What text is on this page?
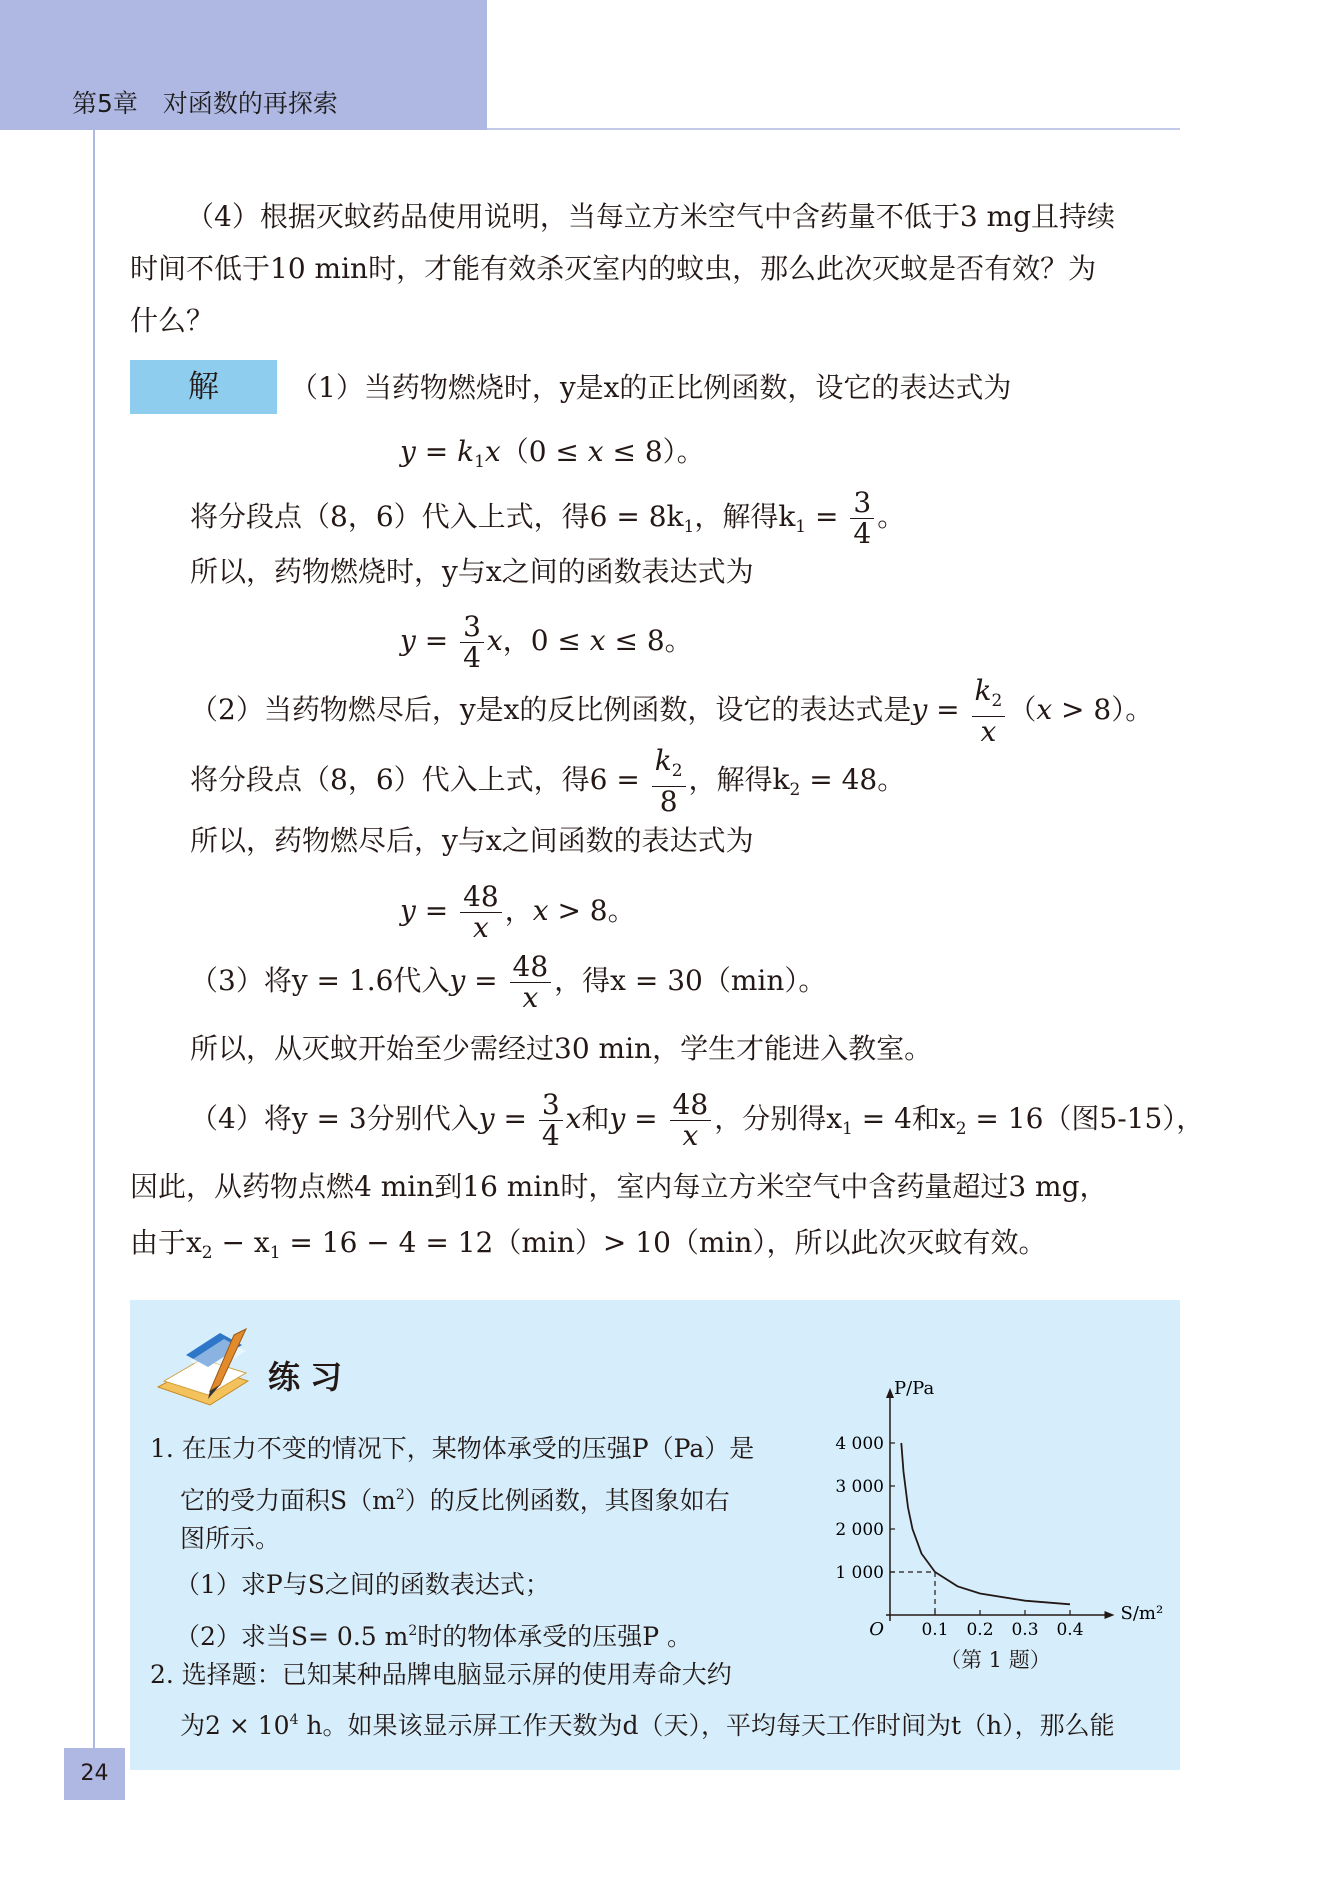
第5章　对函数的再探索
（4）根据灭蚊药品使用说明，当每立方米空气中含药量不低于3 mg且持续
时间不低于10 min时，才能有效杀灭室内的蚊虫，那么此次灭蚊是否有效？为
什么？
解	（1）当药物燃烧时，y是x的正比例函数，设它的表达式为
$y = k_1x(0 \le x \le 8)$。
将分段点（8，6）代入上式，得$6 = 8k_1$，解得$k_1 = \frac{3}{4}$ 。
所以，药物燃烧时，y与x之间的函数表达式为
$y = \frac{3}{4}$ x，0 ≤ x ≤ 8。
（2）当药物燃尽后，y是x的反比例函数，设它的表达式是$y = \frac{k_2}{x} (x > 8)$。
将分段点（8，6）代入上式，得$6 = \frac{k_2}{8}$ ，解得$k_2 = 48$。
所以，药物燃尽后，y与x之间函数的表达式为
$y = \frac{48}{x}$ ，x > 8。
（3）将y = 1.6代入$y = \frac{48}{x}$ ，得x = 30（min）。
所以，从灭蚊开始至少需经过30 min，学生才能进入教室。
（4）将y = 3分别代入$y = \frac{3}{4}$ x和$y = \frac{48}{x}$ ，分别得$x_1 = 4$和$x_2 = 16$（图5-15），
因此，从药物点燃4 min到16 min时，室内每立方米空气中含药量超过3 mg，
由于$x_2 - x_1 = 16 - 4 = 12(\min)> 10(\min)$，所以此次灭蚊有效。
练习
1. 在压力不变的情况下，某物体承受的压强P（Pa）是
它的受力面积$S(m^2)$的反比例函数，其图象如右
图所示。
（1）求P与S之间的函数表达式；
（2）求当S= 0.5 $m^2$时的物体承受的压强P 。
2. 选择题：已知某种品牌电脑显示屏的使用寿命大约
为$2 \times 10^4$ h。如果该显示屏工作天数为d（天），平均每天工作时间为t（h），那么能
O
S/m²
P/Pa
0.1 0.2 0.3 0.4
1 000
2 000
3 000
4 000
（第 1 题）
24
